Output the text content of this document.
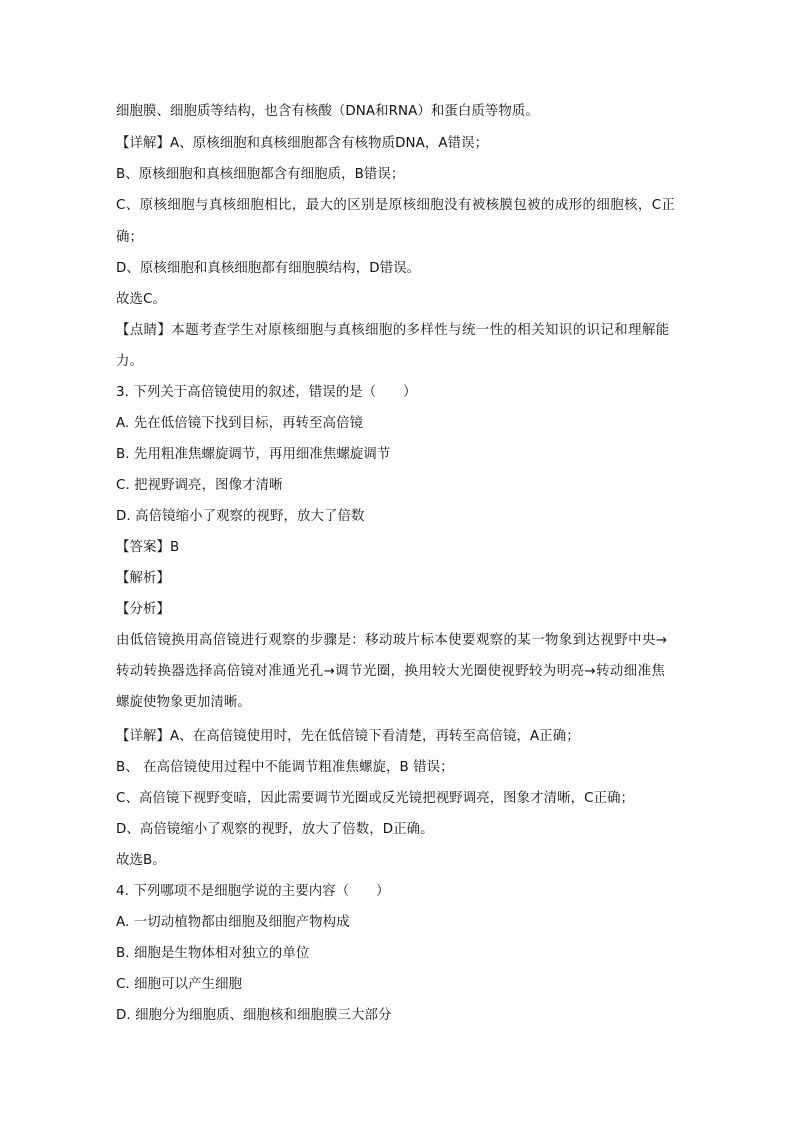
细胞膜、细胞质等结构，也含有核酸（DNA和RNA）和蛋白质等物质。
【详解】A、原核细胞和真核细胞都含有核物质DNA，A错误；
B、原核细胞和真核细胞都含有细胞质，B错误；
C、原核细胞与真核细胞相比，最大的区别是原核细胞没有被核膜包被的成形的细胞核，C正
确；
D、原核细胞和真核细胞都有细胞膜结构，D错误。
故选C。
【点睛】本题考查学生对原核细胞与真核细胞的多样性与统一性的相关知识的识记和理解能
力。
3. 下列关于高倍镜使用的叙述，错误的是（　　）
A. 先在低倍镜下找到目标，再转至高倍镜
B. 先用粗准焦螺旋调节，再用细准焦螺旋调节
C. 把视野调亮，图像才清晰
D. 高倍镜缩小了观察的视野，放大了倍数
【答案】B
【解析】
【分析】
由低倍镜换用高倍镜进行观察的步骤是：移动玻片标本使要观察的某一物象到达视野中央→
转动转换器选择高倍镜对准通光孔→调节光圈，换用较大光圈使视野较为明亮→转动细准焦
螺旋使物象更加清晰。
【详解】A、在高倍镜使用时，先在低倍镜下看清楚，再转至高倍镜，A正确；
B、 在高倍镜使用过程中不能调节粗准焦螺旋，B 错误；
C、高倍镜下视野变暗，因此需要调节光圈或反光镜把视野调亮，图象才清晰，C正确；
D、高倍镜缩小了观察的视野，放大了倍数，D正确。
故选B。
4. 下列哪项不是细胞学说的主要内容（　　）
A. 一切动植物都由细胞及细胞产物构成
B. 细胞是生物体相对独立的单位
C. 细胞可以产生细胞
D. 细胞分为细胞质、细胞核和细胞膜三大部分
